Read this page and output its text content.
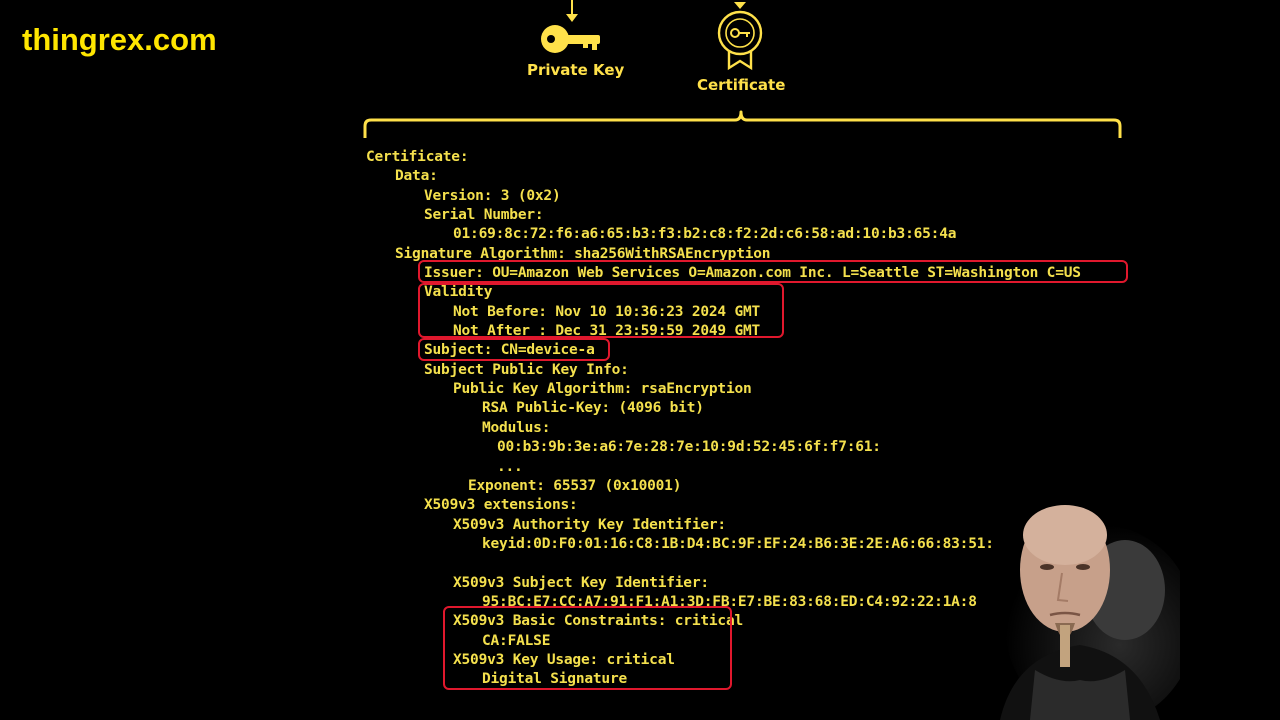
thingrex.com
Private Key
Certificate
Certificate:
Data:
Version: 3 (0x2)
Serial Number:
01:69:8c:72:f6:a6:65:b3:f3:b2:c8:f2:2d:c6:58:ad:10:b3:65:4a
Signature Algorithm: sha256WithRSAEncryption
Issuer: OU=Amazon Web Services O=Amazon.com Inc. L=Seattle ST=Washington C=US
Validity
Not Before: Nov 10 10:36:23 2024 GMT
Not After : Dec 31 23:59:59 2049 GMT
Subject: CN=device-a
Subject Public Key Info:
Public Key Algorithm: rsaEncryption
RSA Public-Key: (4096 bit)
Modulus:
00:b3:9b:3e:a6:7e:28:7e:10:9d:52:45:6f:f7:61:
...
Exponent: 65537 (0x10001)
X509v3 extensions:
X509v3 Authority Key Identifier:
keyid:0D:F0:01:16:C8:1B:D4:BC:9F:EF:24:B6:3E:2E:A6:66:83:51:
X509v3 Subject Key Identifier:
95:BC:E7:CC:A7:91:F1:A1:3D:FB:E7:BE:83:68:ED:C4:92:22:1A:8
X509v3 Basic Constraints: critical
CA:FALSE
X509v3 Key Usage: critical
Digital Signature
